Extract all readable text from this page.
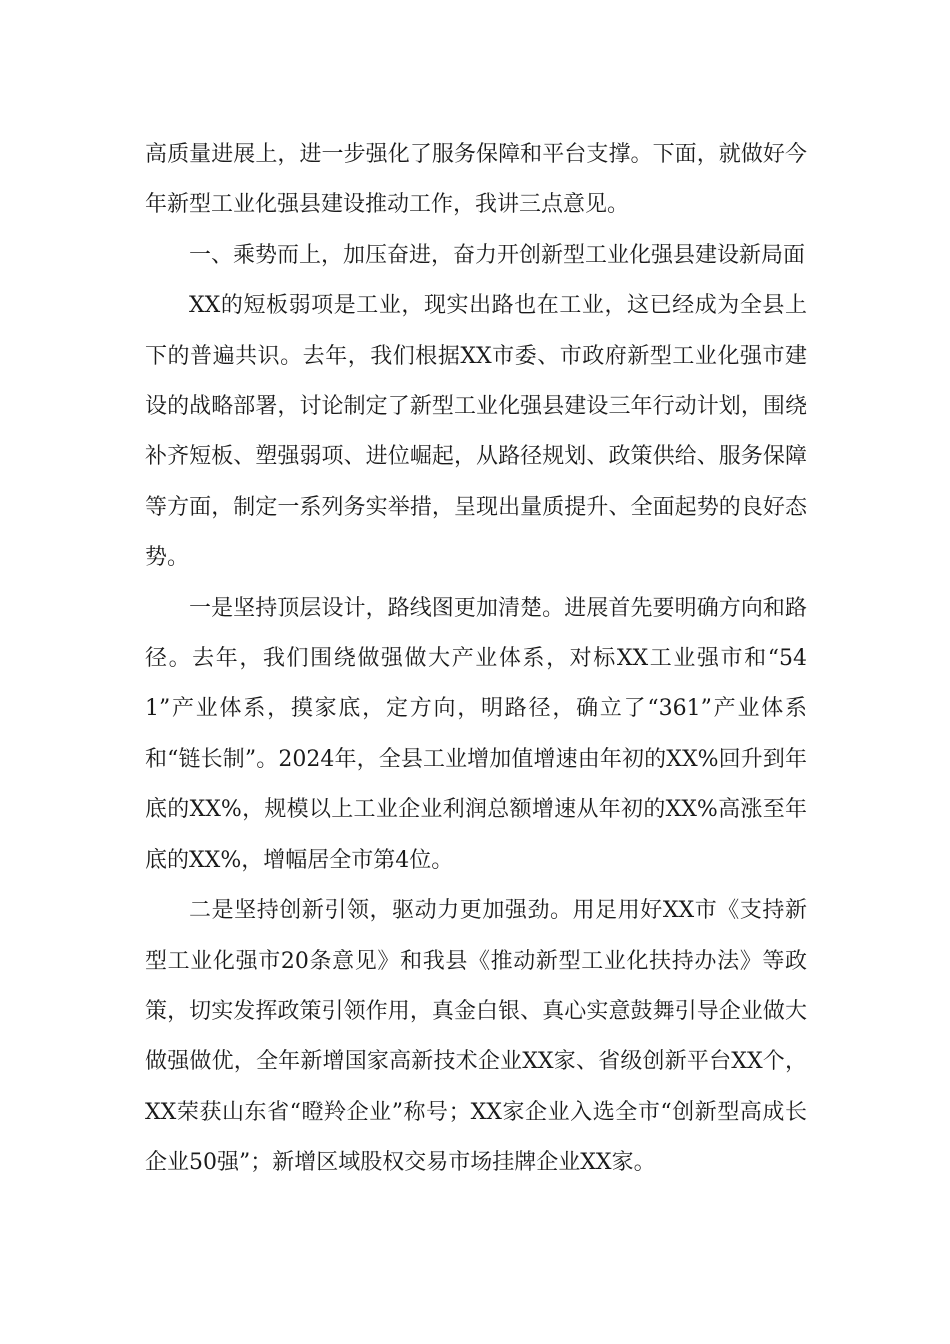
高质量进展上，进一步强化了服务保障和平台支撑。下面，就做好今年新型工业化强县建设推动工作，我讲三点意见。

一、乘势而上，加压奋进，奋力开创新型工业化强县建设新局面

XX的短板弱项是工业，现实出路也在工业，这已经成为全县上下的普遍共识。去年，我们根据XX市委、市政府新型工业化强市建设的战略部署，讨论制定了新型工业化强县建设三年行动计划，围绕补齐短板、塑强弱项、进位崛起，从路径规划、政策供给、服务保障等方面，制定一系列务实举措，呈现出量质提升、全面起势的良好态势。

一是坚持顶层设计，路线图更加清楚。进展首先要明确方向和路径。去年，我们围绕做强做大产业体系，对标XX工业强市和“541”产业体系，摸家底，定方向，明路径，确立了“361”产业体系和“链长制”。2024年，全县工业增加值增速由年初的XX%回升到年底的XX%，规模以上工业企业利润总额增速从年初的XX%高涨至年底的XX%，增幅居全市第4位。

二是坚持创新引领，驱动力更加强劲。用足用好XX市《支持新型工业化强市20条意见》和我县《推动新型工业化扶持办法》等政策，切实发挥政策引领作用，真金白银、真心实意鼓舞引导企业做大做强做优，全年新增国家高新技术企业XX家、省级创新平台XX个，XX荣获山东省“瞪羚企业”称号；XX家企业入选全市“创新型高成长企业50强”；新增区域股权交易市场挂牌企业XX家。
